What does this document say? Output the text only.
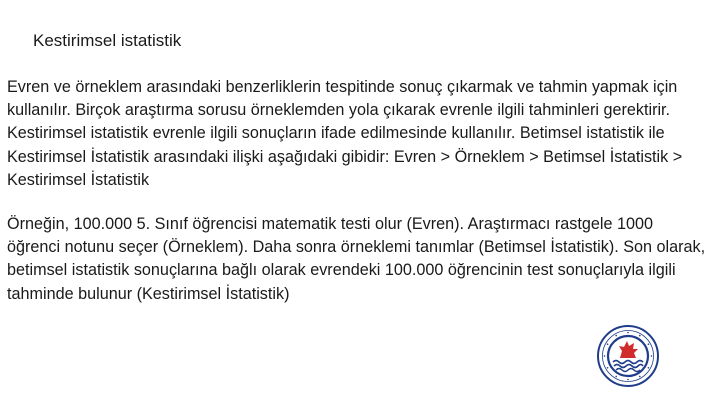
Kestirimsel istatistik

Evren ve örneklem arasındaki benzerliklerin tespitinde sonuç çıkarmak ve tahmin yapmak için kullanılır. Birçok araştırma sorusu örneklemden yola çıkarak evrenle ilgili tahminleri gerektirir. Kestirimsel istatistik evrenle ilgili sonuçların ifade edilmesinde kullanılır. Betimsel istatistik ile Kestirimsel İstatistik arasındaki ilişki aşağıdaki gibidir: Evren > Örneklem > Betimsel İstatistik > Kestirimsel İstatistik

Örneğin, 100.000 5. Sınıf öğrencisi matematik testi olur (Evren). Araştırmacı rastgele 1000 öğrenci notunu seçer (Örneklem). Daha sonra örneklemi tanımlar (Betimsel İstatistik). Son olarak, betimsel istatistik sonuçlarına bağlı olarak evrendeki 100.000 öğrencinin test sonuçlarıyla ilgili tahminde bulunur (Kestirimsel İstatistik)
